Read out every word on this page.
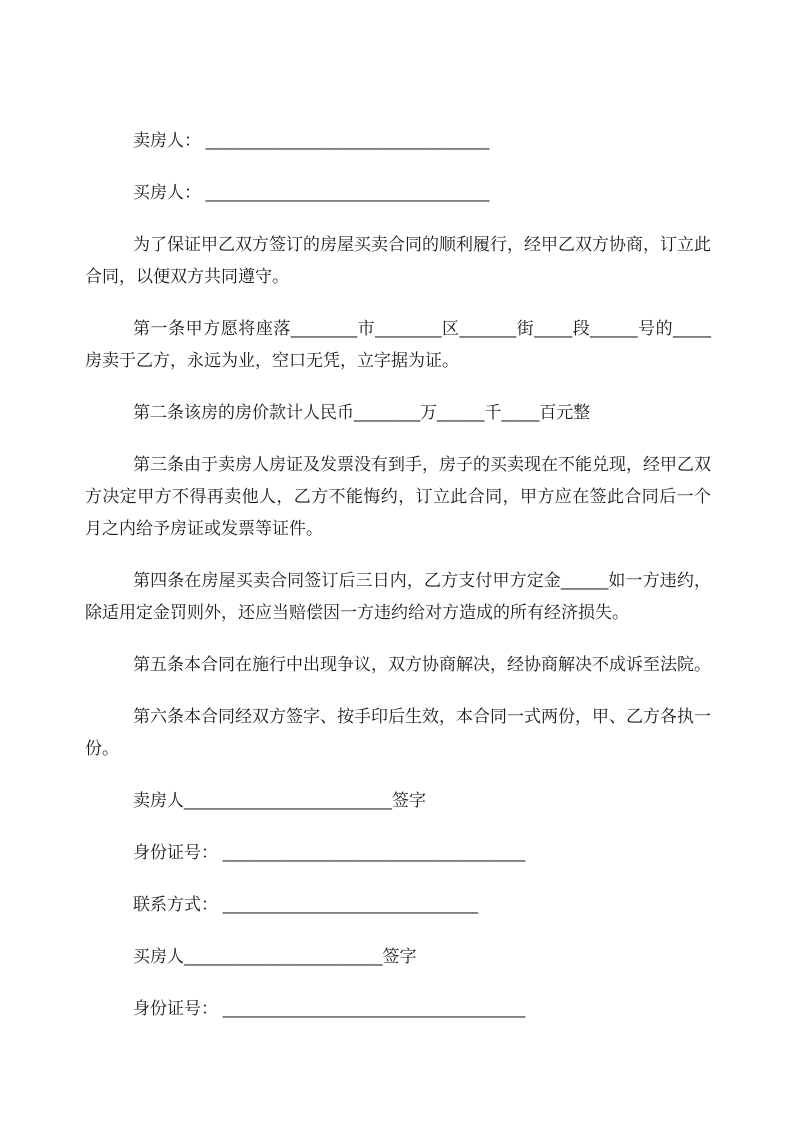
卖房人： ______________________________

买房人： ______________________________

为了保证甲乙双方签订的房屋买卖合同的顺利履行，经甲乙双方协商，订立此合同，以便双方共同遵守。

第一条甲方愿将座落_______市_______区______街____段_____号的____房卖于乙方，永远为业，空口无凭，立字据为证。

第二条该房的房价款计人民币_______万_____千____百元整

第三条由于卖房人房证及发票没有到手，房子的买卖现在不能兑现，经甲乙双方决定甲方不得再卖他人，乙方不能悔约，订立此合同，甲方应在签此合同后一个月之内给予房证或发票等证件。

第四条在房屋买卖合同签订后三日内，乙方支付甲方定金_____如一方违约，除适用定金罚则外，还应当赔偿因一方违约给对方造成的所有经济损失。

第五条本合同在施行中出现争议，双方协商解决，经协商解决不成诉至法院。

第六条本合同经双方签字、按手印后生效，本合同一式两份，甲、乙方各执一份。

卖房人______________________签字

身份证号： ________________________________

联系方式： ___________________________

买房人_____________________签字

身份证号： ________________________________
